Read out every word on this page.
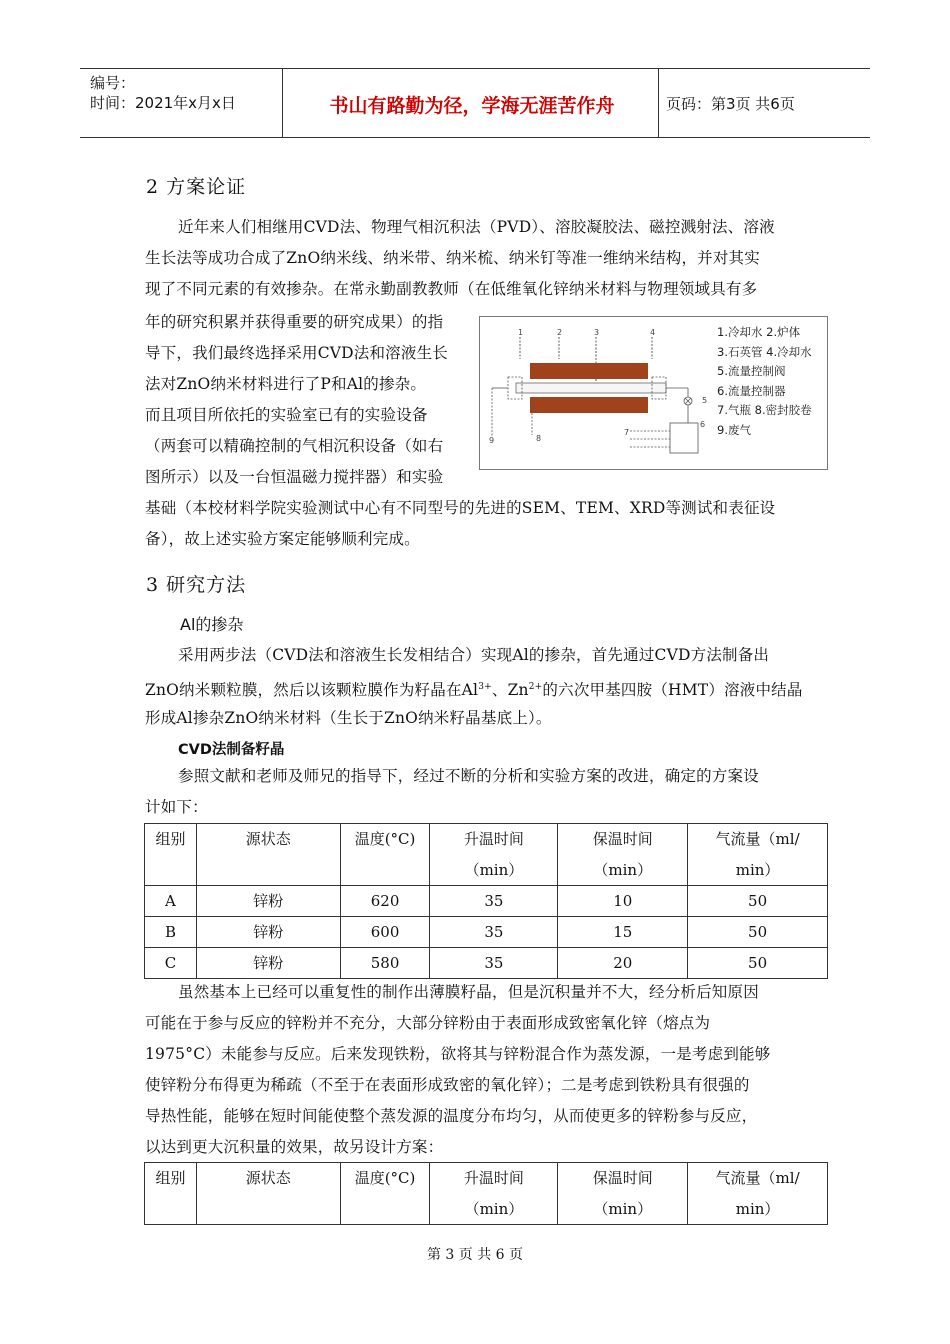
编号：
时间：2021年x月x日	书山有路勤为径，学海无涯苦作舟	页码：第3页 共6页
2 方案论证
近年来人们相继用CVD法、物理气相沉积法（PVD）、溶胶凝胶法、磁控溅射法、溶液
生长法等成功合成了ZnO纳米线、纳米带、纳米梳、纳米钉等准一维纳米结构，并对其实
现了不同元素的有效掺杂。在常永勤副教教师（在低维氧化锌纳米材料与物理领域具有多
年的研究积累并获得重要的研究成果）的指
导下，我们最终选择采用CVD法和溶液生长
法对ZnO纳米材料进行了P和Al的掺杂。
而且项目所依托的实验室已有的实验设备
（两套可以精确控制的气相沉积设备（如右
图所示）以及一台恒温磁力搅拌器）和实验
基础（本校材料学院实验测试中心有不同型号的先进的SEM、TEM、XRD等测试和表征设
备），故上述实验方案定能够顺利完成。
1	2	3	4
5
6
7
8
9
1.冷却水 2.炉体
3.石英管 4.冷却水
5.流量控制阀
6.流量控制器
7.气瓶 8.密封胶卷
9.废气
3 研究方法
Al的掺杂
采用两步法（CVD法和溶液生长发相结合）实现Al的掺杂，首先通过CVD方法制备出
ZnO纳米颗粒膜，然后以该颗粒膜作为籽晶在$Al^{3+}$、$Zn^{2+}$的六次甲基四胺（HMT）溶液中结晶
形成Al掺杂ZnO纳米材料（生长于ZnO纳米籽晶基底上）。
CVD法制备籽晶
参照文献和老师及师兄的指导下，经过不断的分析和实验方案的改进，确定的方案设
计如下：
组别	源状态	温度(°C)	升温时间	保温时间	气流量（ml/
			（min）	（min）	min）
A	锌粉	620	35	10	50
B	锌粉	600	35	15	50
C	锌粉	580	35	20	50
虽然基本上已经可以重复性的制作出薄膜籽晶，但是沉积量并不大，经分析后知原因
可能在于参与反应的锌粉并不充分，大部分锌粉由于表面形成致密氧化锌（熔点为
1975°C）未能参与反应。后来发现铁粉，欲将其与锌粉混合作为蒸发源，一是考虑到能够
使锌粉分布得更为稀疏（不至于在表面形成致密的氧化锌）；二是考虑到铁粉具有很强的
导热性能，能够在短时间能使整个蒸发源的温度分布均匀，从而使更多的锌粉参与反应，
以达到更大沉积量的效果，故另设计方案：
组别	源状态	温度(°C)	升温时间	保温时间	气流量（ml/
			（min）	（min）	min）
第 3 页 共 6 页
